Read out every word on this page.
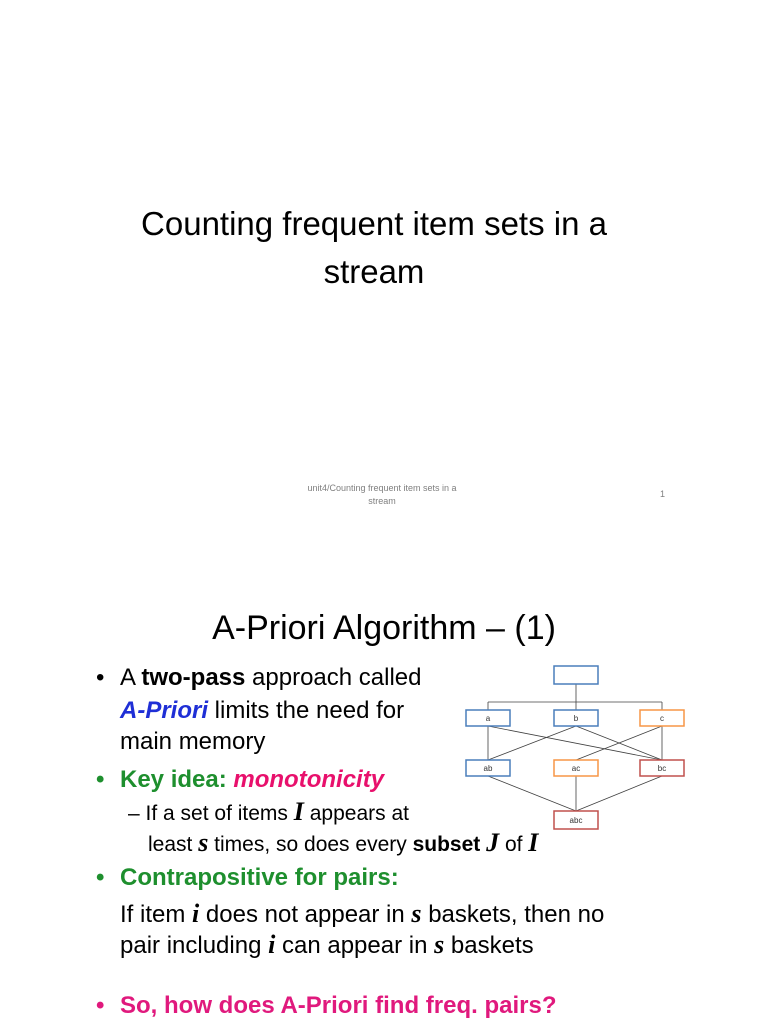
Counting frequent item sets in a
stream
unit4/Counting frequent item sets in a
stream
1
A-Priori Algorithm – (1)
• A two-pass approach called
A-Priori limits the need for
main memory
• Key idea: monotonicity
– If a set of items I appears at
least s times, so does every subset J of I
• Contrapositive for pairs:
If item i does not appear in s baskets, then no
pair including i can appear in s baskets
• So, how does A-Priori find freq. pairs?
a	b	c
ab	ac	bc
abc
